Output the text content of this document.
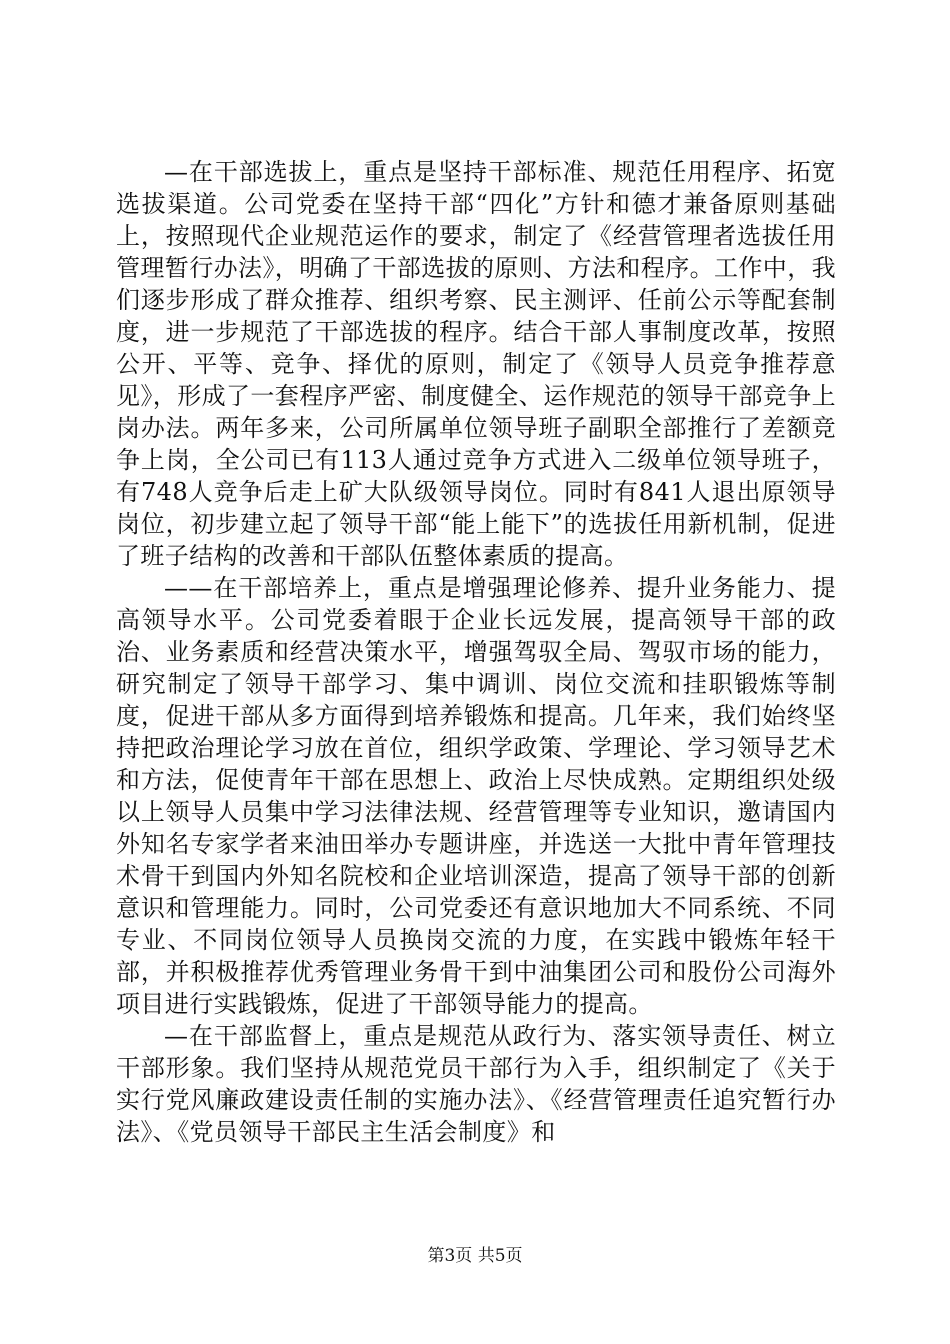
—在干部选拔上，重点是坚持干部标准、规范任用程序、拓宽选拔渠道。公司党委在坚持干部“四化”方针和德才兼备原则基础上，按照现代企业规范运作的要求，制定了《经营管理者选拔任用管理暂行办法》，明确了干部选拔的原则、方法和程序。工作中，我们逐步形成了群众推荐、组织考察、民主测评、任前公示等配套制度，进一步规范了干部选拔的程序。结合干部人事制度改革，按照公开、平等、竞争、择优的原则，制定了《领导人员竞争推荐意见》，形成了一套程序严密、制度健全、运作规范的领导干部竞争上岗办法。两年多来，公司所属单位领导班子副职全部推行了差额竞争上岗，全公司已有113人通过竞争方式进入二级单位领导班子，有748人竞争后走上矿大队级领导岗位。同时有841人退出原领导岗位，初步建立起了领导干部“能上能下”的选拔任用新机制，促进了班子结构的改善和干部队伍整体素质的提高。

——在干部培养上，重点是增强理论修养、提升业务能力、提高领导水平。公司党委着眼于企业长远发展，提高领导干部的政治、业务素质和经营决策水平，增强驾驭全局、驾驭市场的能力，研究制定了领导干部学习、集中调训、岗位交流和挂职锻炼等制度，促进干部从多方面得到培养锻炼和提高。几年来，我们始终坚持把政治理论学习放在首位，组织学政策、学理论、学习领导艺术和方法，促使青年干部在思想上、政治上尽快成熟。定期组织处级以上领导人员集中学习法律法规、经营管理等专业知识，邀请国内外知名专家学者来油田举办专题讲座，并选送一大批中青年管理技术骨干到国内外知名院校和企业培训深造，提高了领导干部的创新意识和管理能力。同时，公司党委还有意识地加大不同系统、不同专业、不同岗位领导人员换岗交流的力度，在实践中锻炼年轻干部，并积极推荐优秀管理业务骨干到中油集团公司和股份公司海外项目进行实践锻炼，促进了干部领导能力的提高。

—在干部监督上，重点是规范从政行为、落实领导责任、树立干部形象。我们坚持从规范党员干部行为入手，组织制定了《关于实行党风廉政建设责任制的实施办法》、《经营管理责任追究暂行办法》、《党员领导干部民主生活会制度》和

第3页 共5页
